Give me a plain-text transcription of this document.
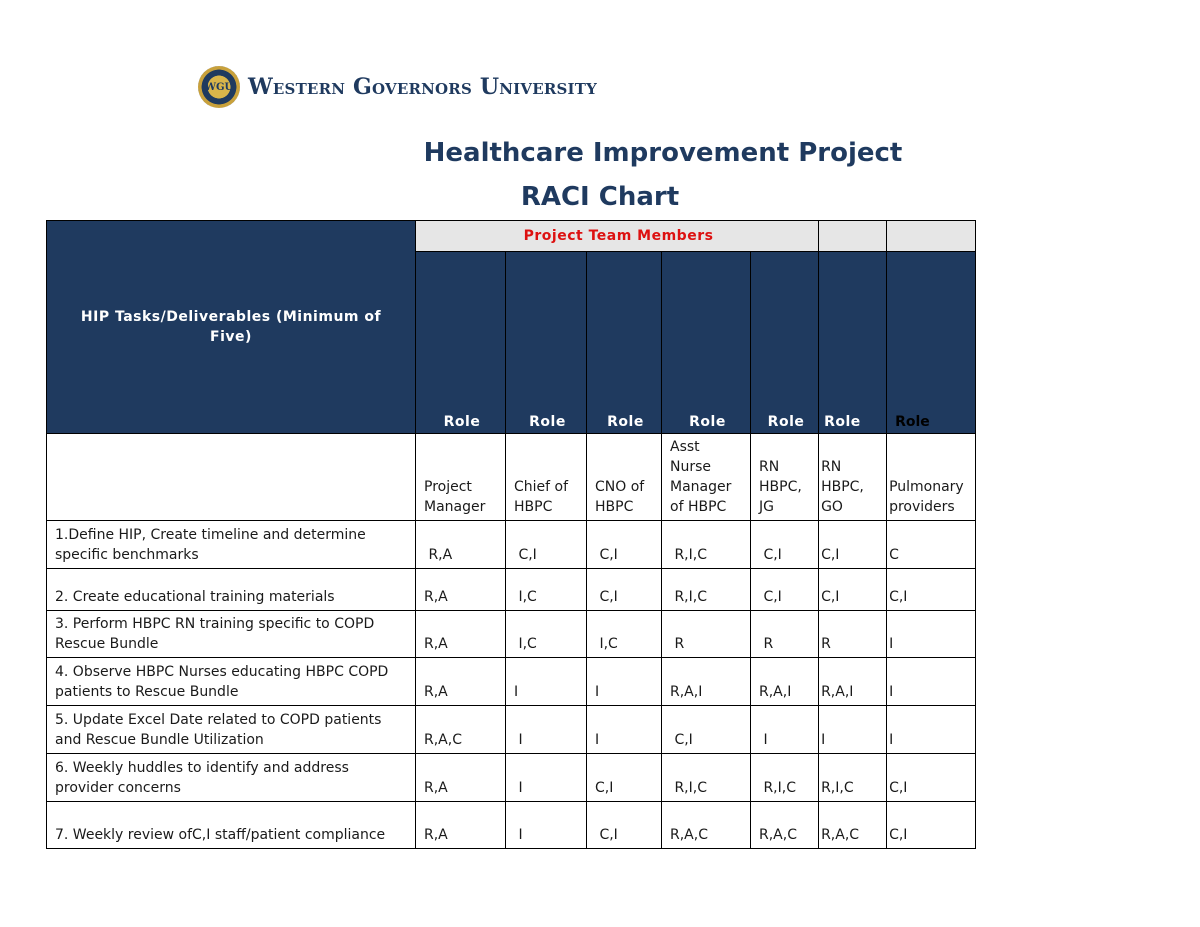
WGU Western Governors University
Healthcare Improvement Project
RACI Chart
HIP Tasks/Deliverables (Minimum of Five)	Project Team Members						
	Role	Role	Role	Role	Role	Role	Role
	Project Manager	Chief of HBPC	CNO of HBPC	Asst Nurse Manager of HBPC	RN HBPC, JG	RN HBPC, GO	Pulmonary providers
1.Define HIP, Create timeline and determine specific benchmarks	R,A	C,I	C,I	R,I,C	C,I	C,I	C
2. Create educational training materials	R,A	I,C	C,I	R,I,C	C,I	C,I	C,I
3. Perform HBPC RN training specific to COPD Rescue Bundle	R,A	I,C	I,C	R	R	R	I
4. Observe HBPC Nurses educating HBPC COPD patients to Rescue Bundle	R,A	I	I	R,A,I	R,A,I	R,A,I	I
5. Update Excel Date related to COPD patients and Rescue Bundle Utilization	R,A,C	I	I	C,I	I	I	I
6. Weekly huddles to identify and address provider concerns	R,A	I	C,I	R,I,C	R,I,C	R,I,C	C,I
7. Weekly review ofC,I staff/patient compliance	R,A	I	C,I	R,A,C	R,A,C	R,A,C	C,I
